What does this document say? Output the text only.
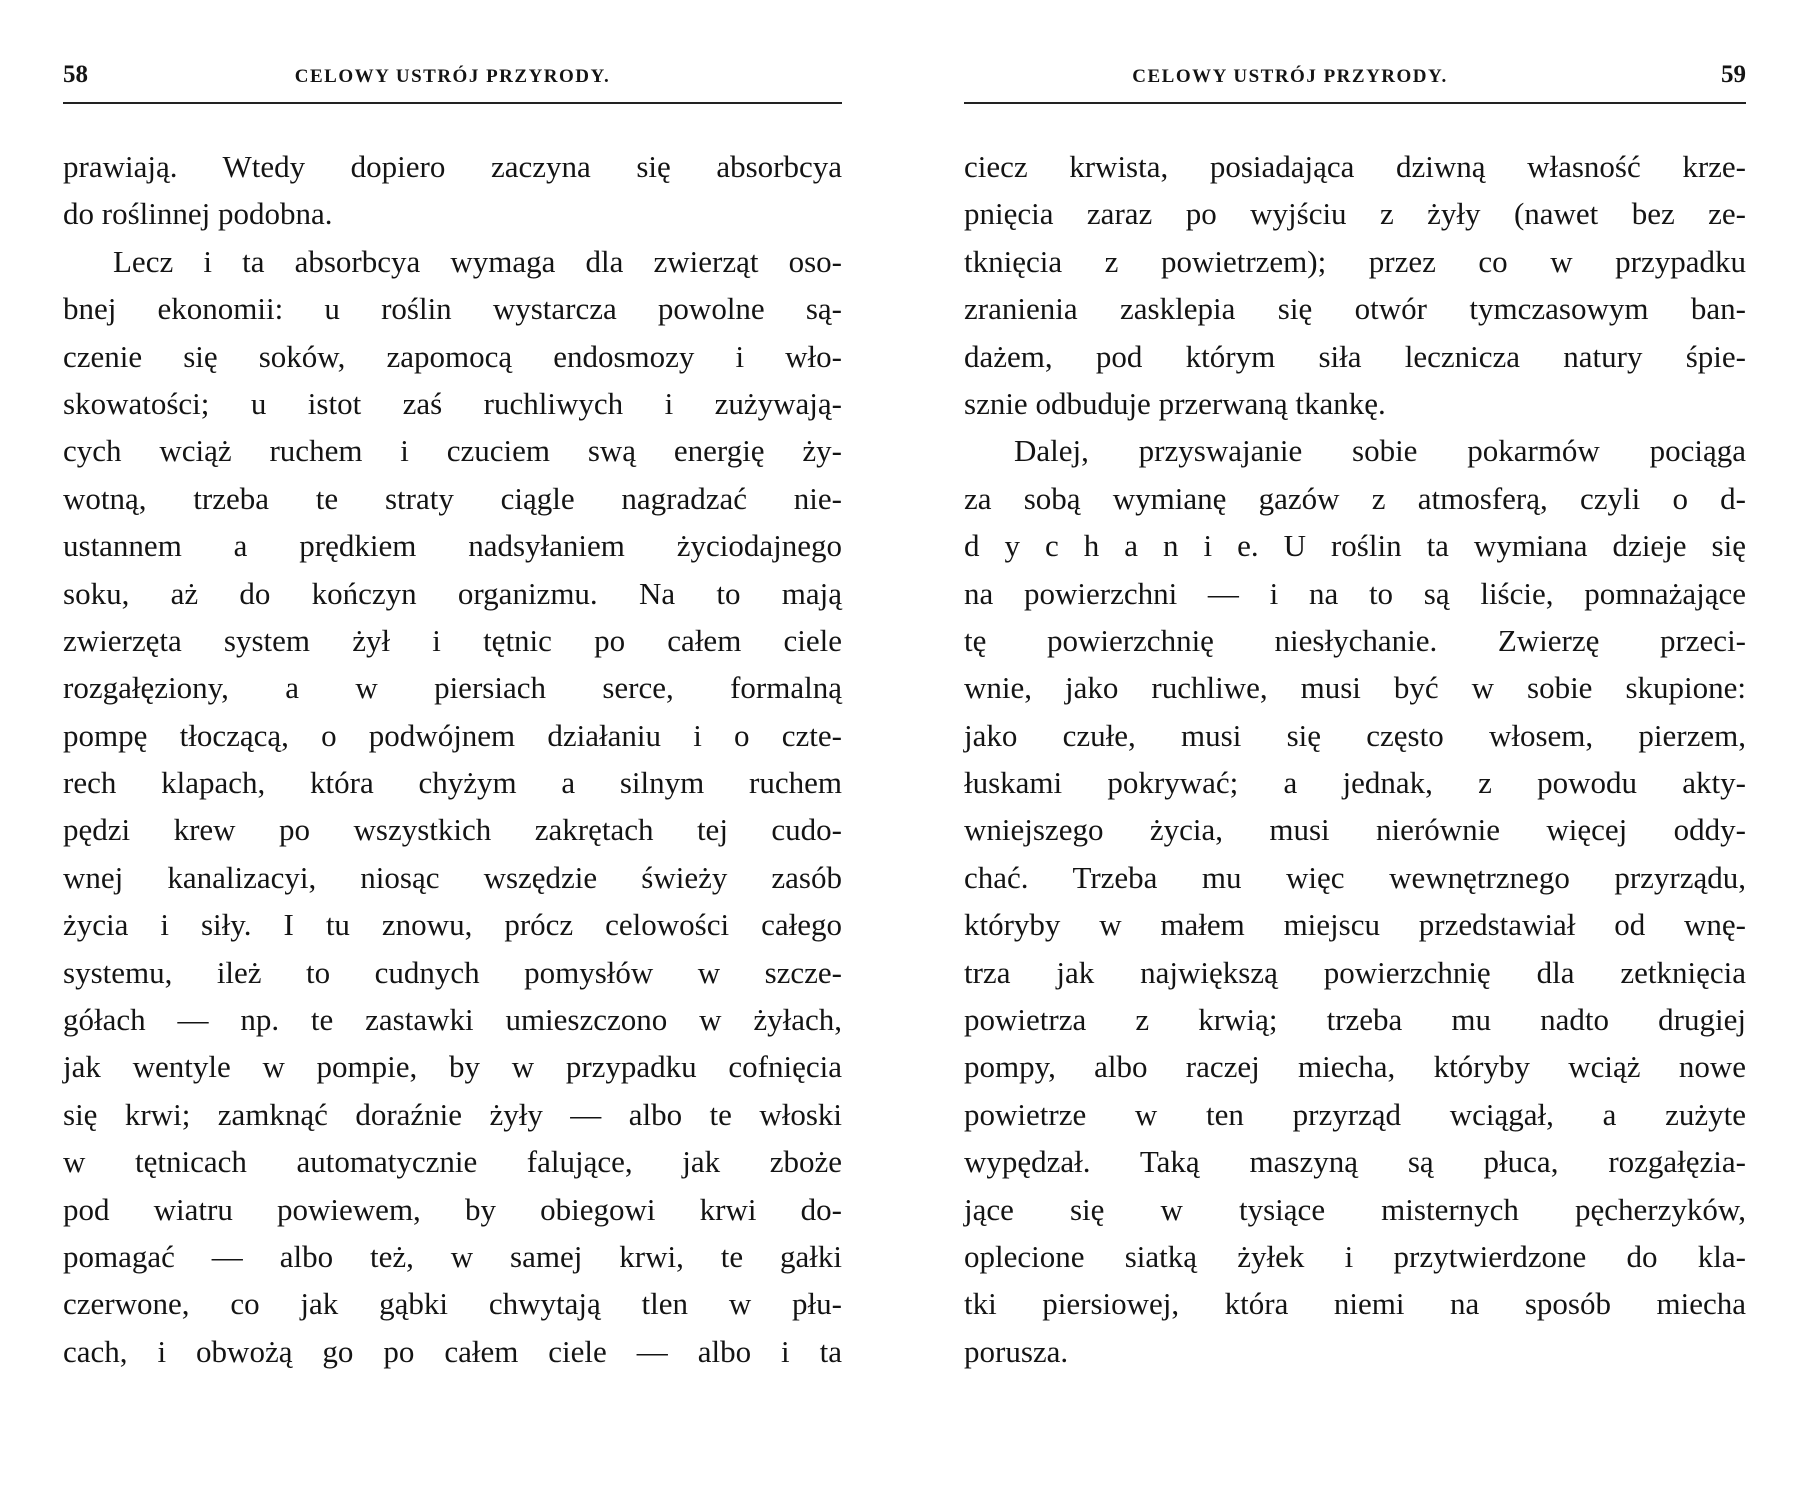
58	CELOWY USTRÓJ PRZYRODY.
prawiają. Wtedy dopiero zaczyna się absorbcya
do roślinnej podobna.
Lecz i ta absorbcya wymaga dla zwierząt oso-
bnej ekonomii: u roślin wystarcza powolne są-
czenie się soków, zapomocą endosmozy i wło-
skowatości; u istot zaś ruchliwych i zużywają-
cych wciąż ruchem i czuciem swą energię ży-
wotną, trzeba te straty ciągle nagradzać nie-
ustannem a prędkiem nadsyłaniem życiodajnego
soku, aż do kończyn organizmu. Na to mają
zwierzęta system żył i tętnic po całem ciele
rozgałęziony, a w piersiach serce, formalną
pompę tłoczącą, o podwójnem działaniu i o czte-
rech klapach, która chyżym a silnym ruchem
pędzi krew po wszystkich zakrętach tej cudo-
wnej kanalizacyi, niosąc wszędzie świeży zasób
życia i siły. I tu znowu, prócz celowości całego
systemu, ileż to cudnych pomysłów w szcze-
gółach — np. te zastawki umieszczono w żyłach,
jak wentyle w pompie, by w przypadku cofnięcia
się krwi; zamknąć doraźnie żyły — albo te włoski
w tętnicach automatycznie falujące, jak zboże
pod wiatru powiewem, by obiegowi krwi do-
pomagać — albo też, w samej krwi, te gałki
czerwone, co jak gąbki chwytają tlen w płu-
cach, i obwożą go po całem ciele — albo i ta
CELOWY USTRÓJ PRZYRODY.	59
ciecz krwista, posiadająca dziwną własność krze-
pnięcia zaraz po wyjściu z żyły (nawet bez ze-
tknięcia z powietrzem); przez co w przypadku
zranienia zasklepia się otwór tymczasowym ban-
dażem, pod którym siła lecznicza natury śpie-
sznie odbuduje przerwaną tkankę.
Dalej, przyswajanie sobie pokarmów pociąga
za sobą wymianę gazów z atmosferą, czyli o d-
d y c h a n i e. U roślin ta wymiana dzieje się
na powierzchni — i na to są liście, pomnażające
tę powierzchnię niesłychanie. Zwierzę przeci-
wnie, jako ruchliwe, musi być w sobie skupione:
jako czułe, musi się często włosem, pierzem,
łuskami pokrywać; a jednak, z powodu akty-
wniejszego życia, musi nierównie więcej oddy-
chać. Trzeba mu więc wewnętrznego przyrządu,
któryby w małem miejscu przedstawiał od wnę-
trza jak największą powierzchnię dla zetknięcia
powietrza z krwią; trzeba mu nadto drugiej
pompy, albo raczej miecha, któryby wciąż nowe
powietrze w ten przyrząd wciągał, a zużyte
wypędzał. Taką maszyną są płuca, rozgałęzia-
jące się w tysiące misternych pęcherzyków,
oplecione siatką żyłek i przytwierdzone do kla-
tki piersiowej, która niemi na sposób miecha
porusza.
